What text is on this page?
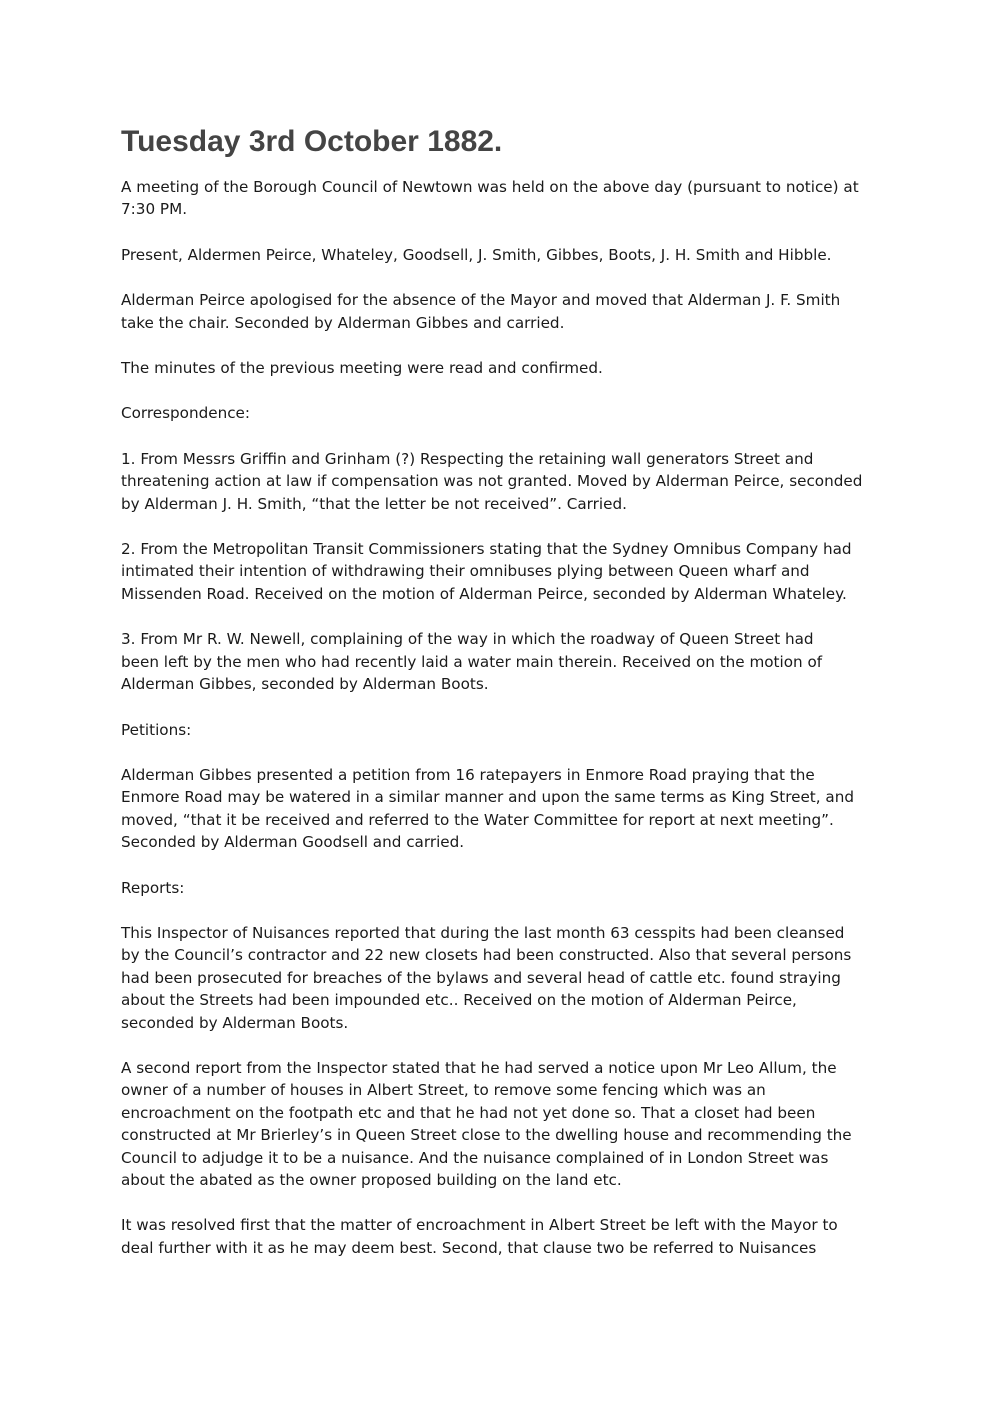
Tuesday 3rd October 1882.

A meeting of the Borough Council of Newtown was held on the above day (pursuant to notice) at
7:30 PM.

Present, Aldermen Peirce, Whateley, Goodsell, J. Smith, Gibbes, Boots, J. H. Smith and Hibble.

Alderman Peirce apologised for the absence of the Mayor and moved that Alderman J. F. Smith
take the chair. Seconded by Alderman Gibbes and carried.

The minutes of the previous meeting were read and confirmed.

Correspondence:

1. From Messrs Griffin and Grinham (?) Respecting the retaining wall generators Street and
threatening action at law if compensation was not granted. Moved by Alderman Peirce, seconded
by Alderman J. H. Smith, “that the letter be not received”. Carried.

2. From the Metropolitan Transit Commissioners stating that the Sydney Omnibus Company had
intimated their intention of withdrawing their omnibuses plying between Queen wharf and
Missenden Road. Received on the motion of Alderman Peirce, seconded by Alderman Whateley.

3. From Mr R. W. Newell, complaining of the way in which the roadway of Queen Street had
been left by the men who had recently laid a water main therein. Received on the motion of
Alderman Gibbes, seconded by Alderman Boots.

Petitions:

Alderman Gibbes presented a petition from 16 ratepayers in Enmore Road praying that the
Enmore Road may be watered in a similar manner and upon the same terms as King Street, and
moved, “that it be received and referred to the Water Committee for report at next meeting”.
Seconded by Alderman Goodsell and carried.

Reports:

This Inspector of Nuisances reported that during the last month 63 cesspits had been cleansed
by the Council’s contractor and 22 new closets had been constructed. Also that several persons
had been prosecuted for breaches of the bylaws and several head of cattle etc. found straying
about the Streets had been impounded etc.. Received on the motion of Alderman Peirce,
seconded by Alderman Boots.

A second report from the Inspector stated that he had served a notice upon Mr Leo Allum, the
owner of a number of houses in Albert Street, to remove some fencing which was an
encroachment on the footpath etc and that he had not yet done so. That a closet had been
constructed at Mr Brierley’s in Queen Street close to the dwelling house and recommending the
Council to adjudge it to be a nuisance. And the nuisance complained of in London Street was
about the abated as the owner proposed building on the land etc.

It was resolved first that the matter of encroachment in Albert Street be left with the Mayor to
deal further with it as he may deem best. Second, that clause two be referred to Nuisances
